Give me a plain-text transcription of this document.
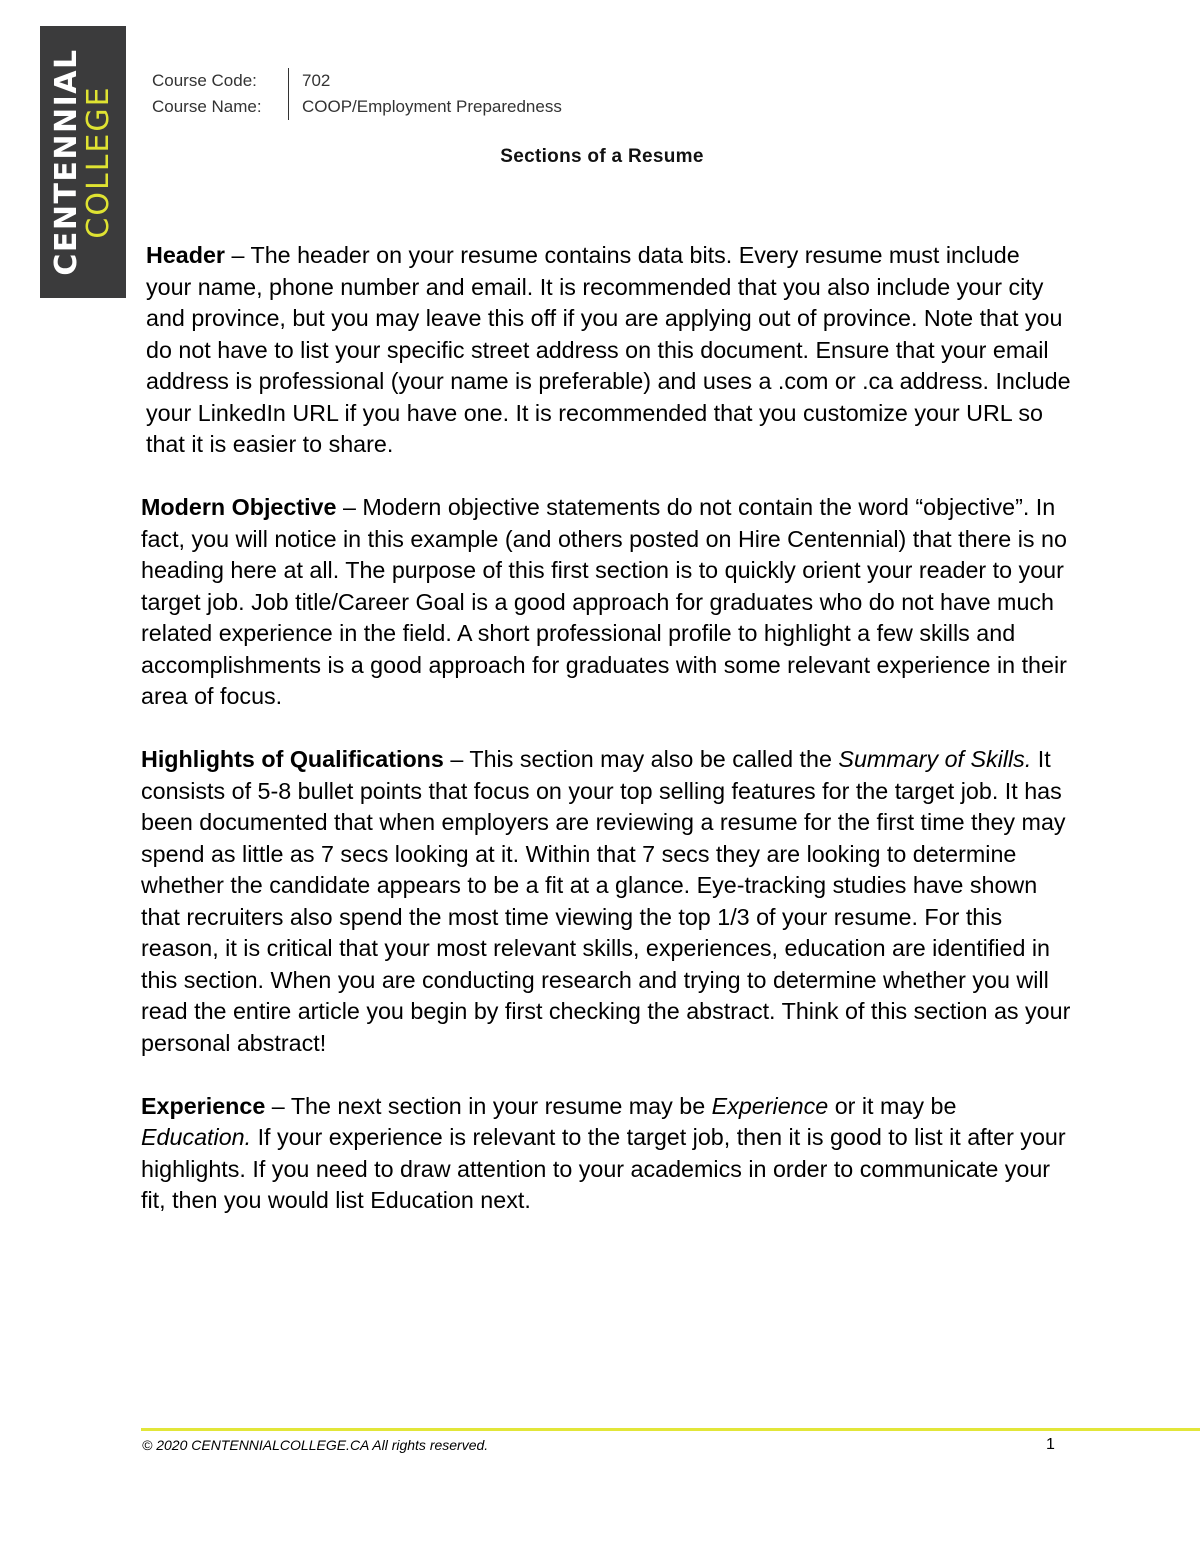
CENTENNIAL
COLLEGE
Course Code:	702
Course Name:	COOP/Employment Preparedness
Sections of a Resume

Header – The header on your resume contains data bits. Every resume must include your name, phone number and email. It is recommended that you also include your city and province, but you may leave this off if you are applying out of province. Note that you do not have to list your specific street address on this document. Ensure that your email address is professional (your name is preferable) and uses a .com or .ca address. Include your LinkedIn URL if you have one. It is recommended that you customize your URL so that it is easier to share.

Modern Objective – Modern objective statements do not contain the word “objective”. In fact, you will notice in this example (and others posted on Hire Centennial) that there is no heading here at all. The purpose of this first section is to quickly orient your reader to your target job. Job title/Career Goal is a good approach for graduates who do not have much related experience in the field. A short professional profile to highlight a few skills and accomplishments is a good approach for graduates with some relevant experience in their area of focus.

Highlights of Qualifications – This section may also be called the Summary of Skills. It consists of 5-8 bullet points that focus on your top selling features for the target job. It has been documented that when employers are reviewing a resume for the first time they may spend as little as 7 secs looking at it. Within that 7 secs they are looking to determine whether the candidate appears to be a fit at a glance. Eye-tracking studies have shown that recruiters also spend the most time viewing the top 1/3 of your resume. For this reason, it is critical that your most relevant skills, experiences, education are identified in this section. When you are conducting research and trying to determine whether you will read the entire article you begin by first checking the abstract. Think of this section as your personal abstract!

Experience – The next section in your resume may be Experience or it may be Education. If your experience is relevant to the target job, then it is good to list it after your highlights. If you need to draw attention to your academics in order to communicate your fit, then you would list Education next.

© 2020 CENTENNIALCOLLEGE.CA All rights reserved.	1
